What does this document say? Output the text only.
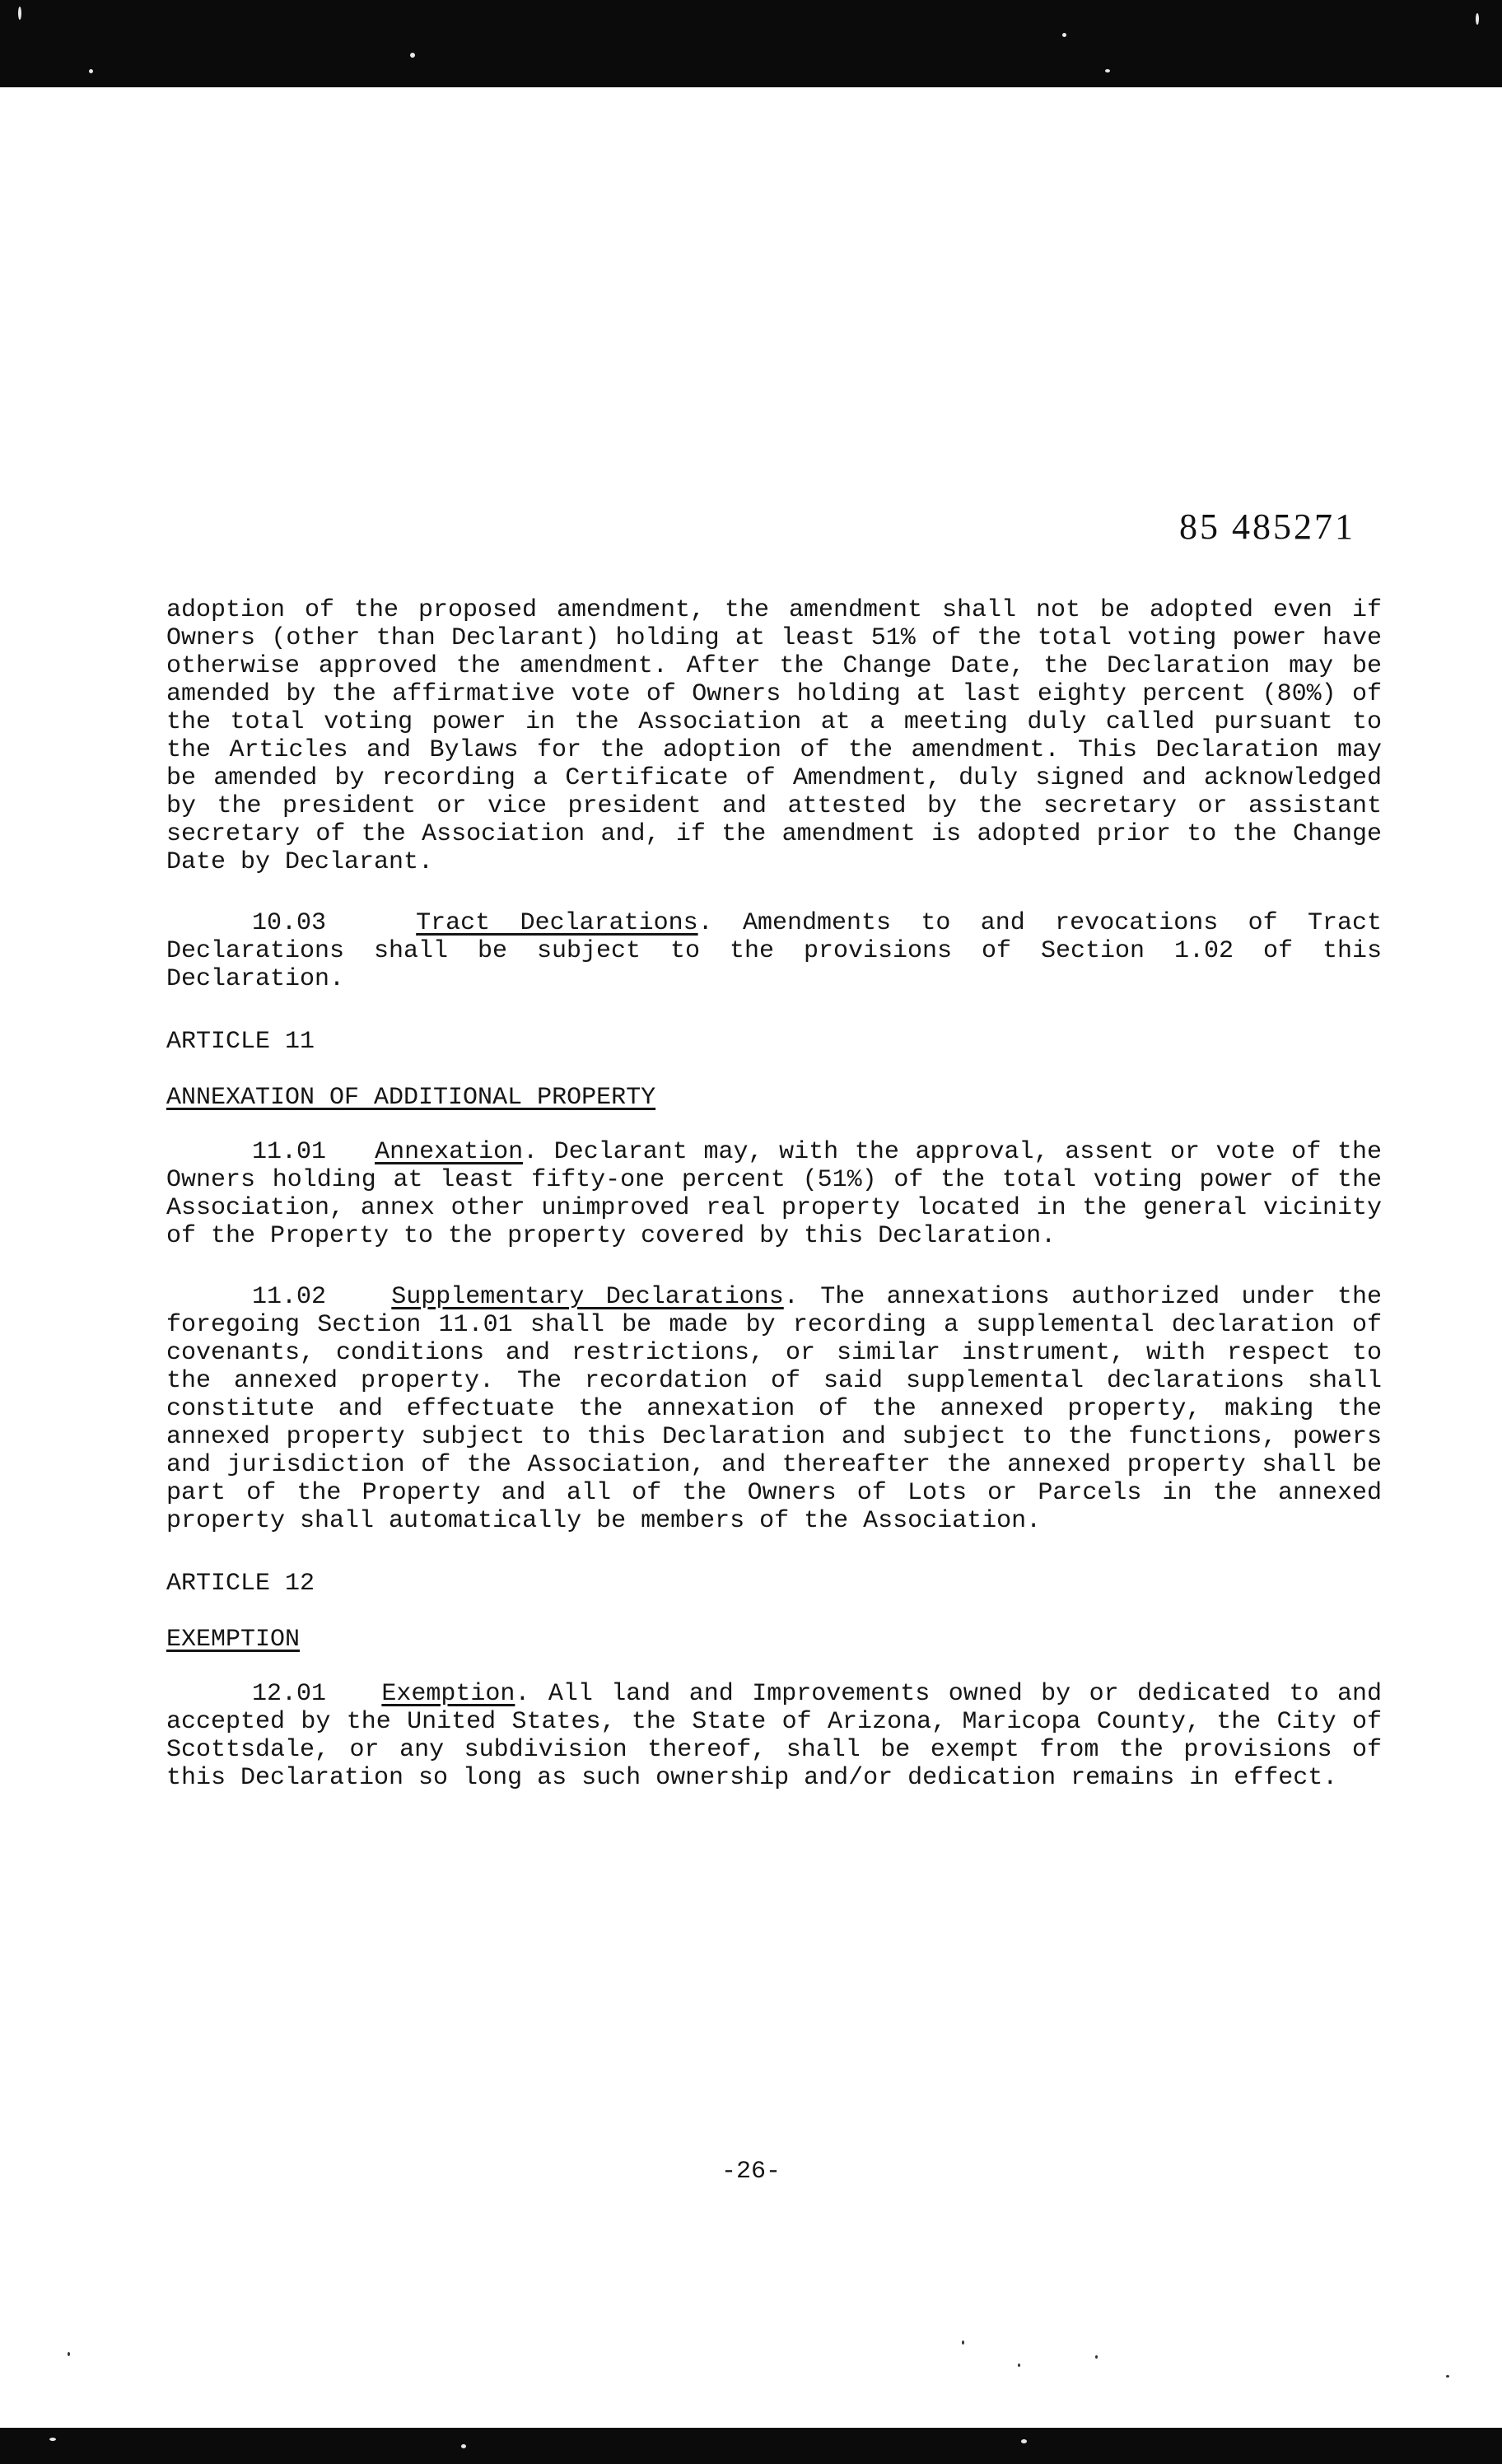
85 485271

adoption of the proposed amendment, the amendment shall not be adopted even if Owners (other than Declarant) holding at least 51% of the total voting power have otherwise approved the amendment. After the Change Date, the Declaration may be amended by the affirmative vote of Owners holding at last eighty percent (80%) of the total voting power in the Association at a meeting duly called pursuant to the Articles and Bylaws for the adoption of the amendment. This Declaration may be amended by recording a Certificate of Amendment, duly signed and acknowledged by the president or vice president and attested by the secretary or assistant secretary of the Association and, if the amendment is adopted prior to the Change Date by Declarant.

10.03	Tract Declarations. Amendments to and revocations of Tract Declarations shall be subject to the provisions of Section 1.02 of this Declaration.

ARTICLE 11

ANNEXATION OF ADDITIONAL PROPERTY

11.01 Annexation. Declarant may, with the approval, assent or vote of the Owners holding at least fifty-one percent (51%) of the total voting power of the Association, annex other unimproved real property located in the general vicinity of the Property to the property covered by this Declaration.

11.02	Supplementary Declarations. The annexations authorized under the foregoing Section 11.01 shall be made by recording a supplemental declaration of covenants, conditions and restrictions, or similar instrument, with respect to the annexed property. The recordation of said supplemental declarations shall constitute and effectuate the annexation of the annexed property, making the annexed property subject to this Declaration and subject to the functions, powers and jurisdiction of the Association, and thereafter the annexed property shall be part of the Property and all of the Owners of Lots or Parcels in the annexed property shall automatically be members of the Association.

ARTICLE 12

EXEMPTION

12.01 Exemption. All land and Improvements owned by or dedicated to and accepted by the United States, the State of Arizona, Maricopa County, the City of Scottsdale, or any subdivision thereof, shall be exempt from the provisions of this Declaration so long as such ownership and/or dedication remains in effect.

-26-
